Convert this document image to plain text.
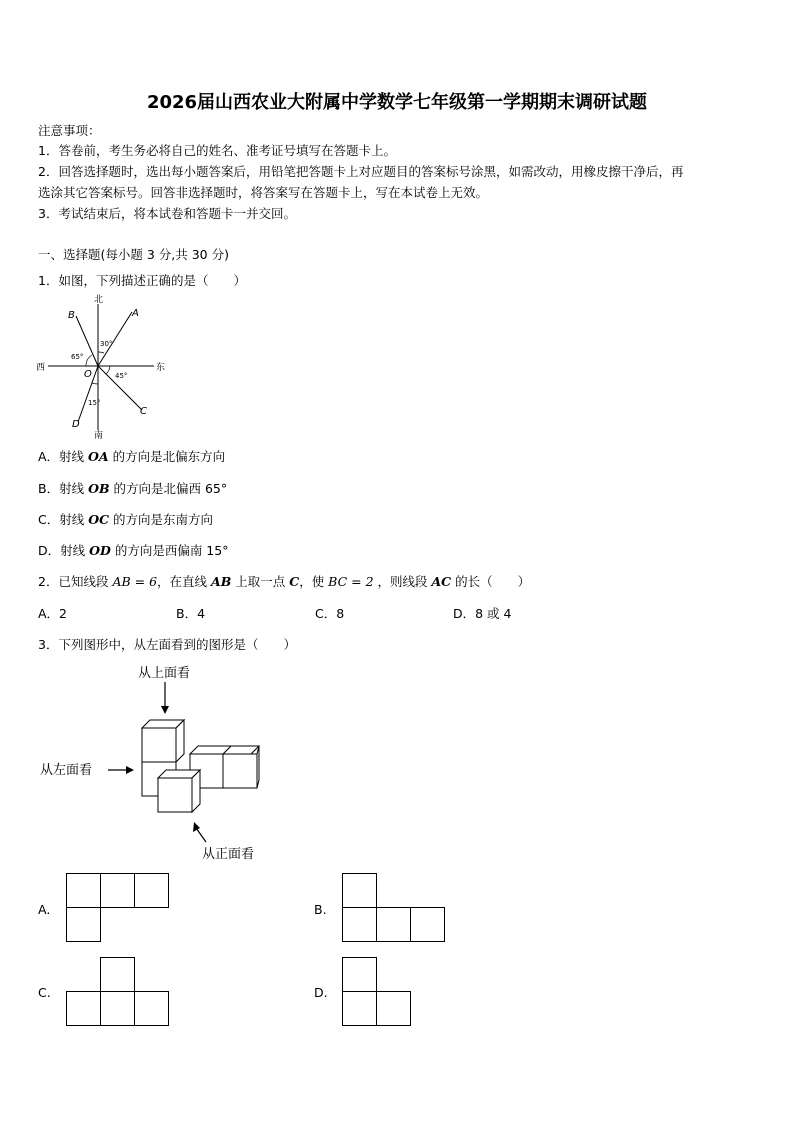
2026届山西农业大附属中学数学七年级第一学期期末调研试题
注意事项：
1．答卷前，考生务必将自己的姓名、准考证号填写在答题卡上。
2．回答选择题时，选出每小题答案后，用铅笔把答题卡上对应题目的答案标号涂黑，如需改动，用橡皮擦干净后，再
选涂其它答案标号。回答非选择题时，将答案写在答题卡上，写在本试卷上无效。
3．考试结束后，将本试卷和答题卡一并交回。
一、选择题(每小题 3 分,共 30 分)
1．如图，下列描述正确的是（　　）
北
南
西	东
A
B
C
D
O
30°
65°
45°
15°
A．射线 OA 的方向是北偏东方向
B．射线 OB 的方向是北偏西 65°
C．射线 OC 的方向是东南方向
D．射线 OD 的方向是西偏南 15°
2．已知线段 AB = 6，在直线 AB 上取一点 C，使 BC = 2 ，则线段 AC 的长（　　）
A．2	B．4	C．8	D．8 或 4
3．下列图形中，从左面看到的图形是（　　）
从上面看
从左面看
从正面看
A.	B.
C.	D.
